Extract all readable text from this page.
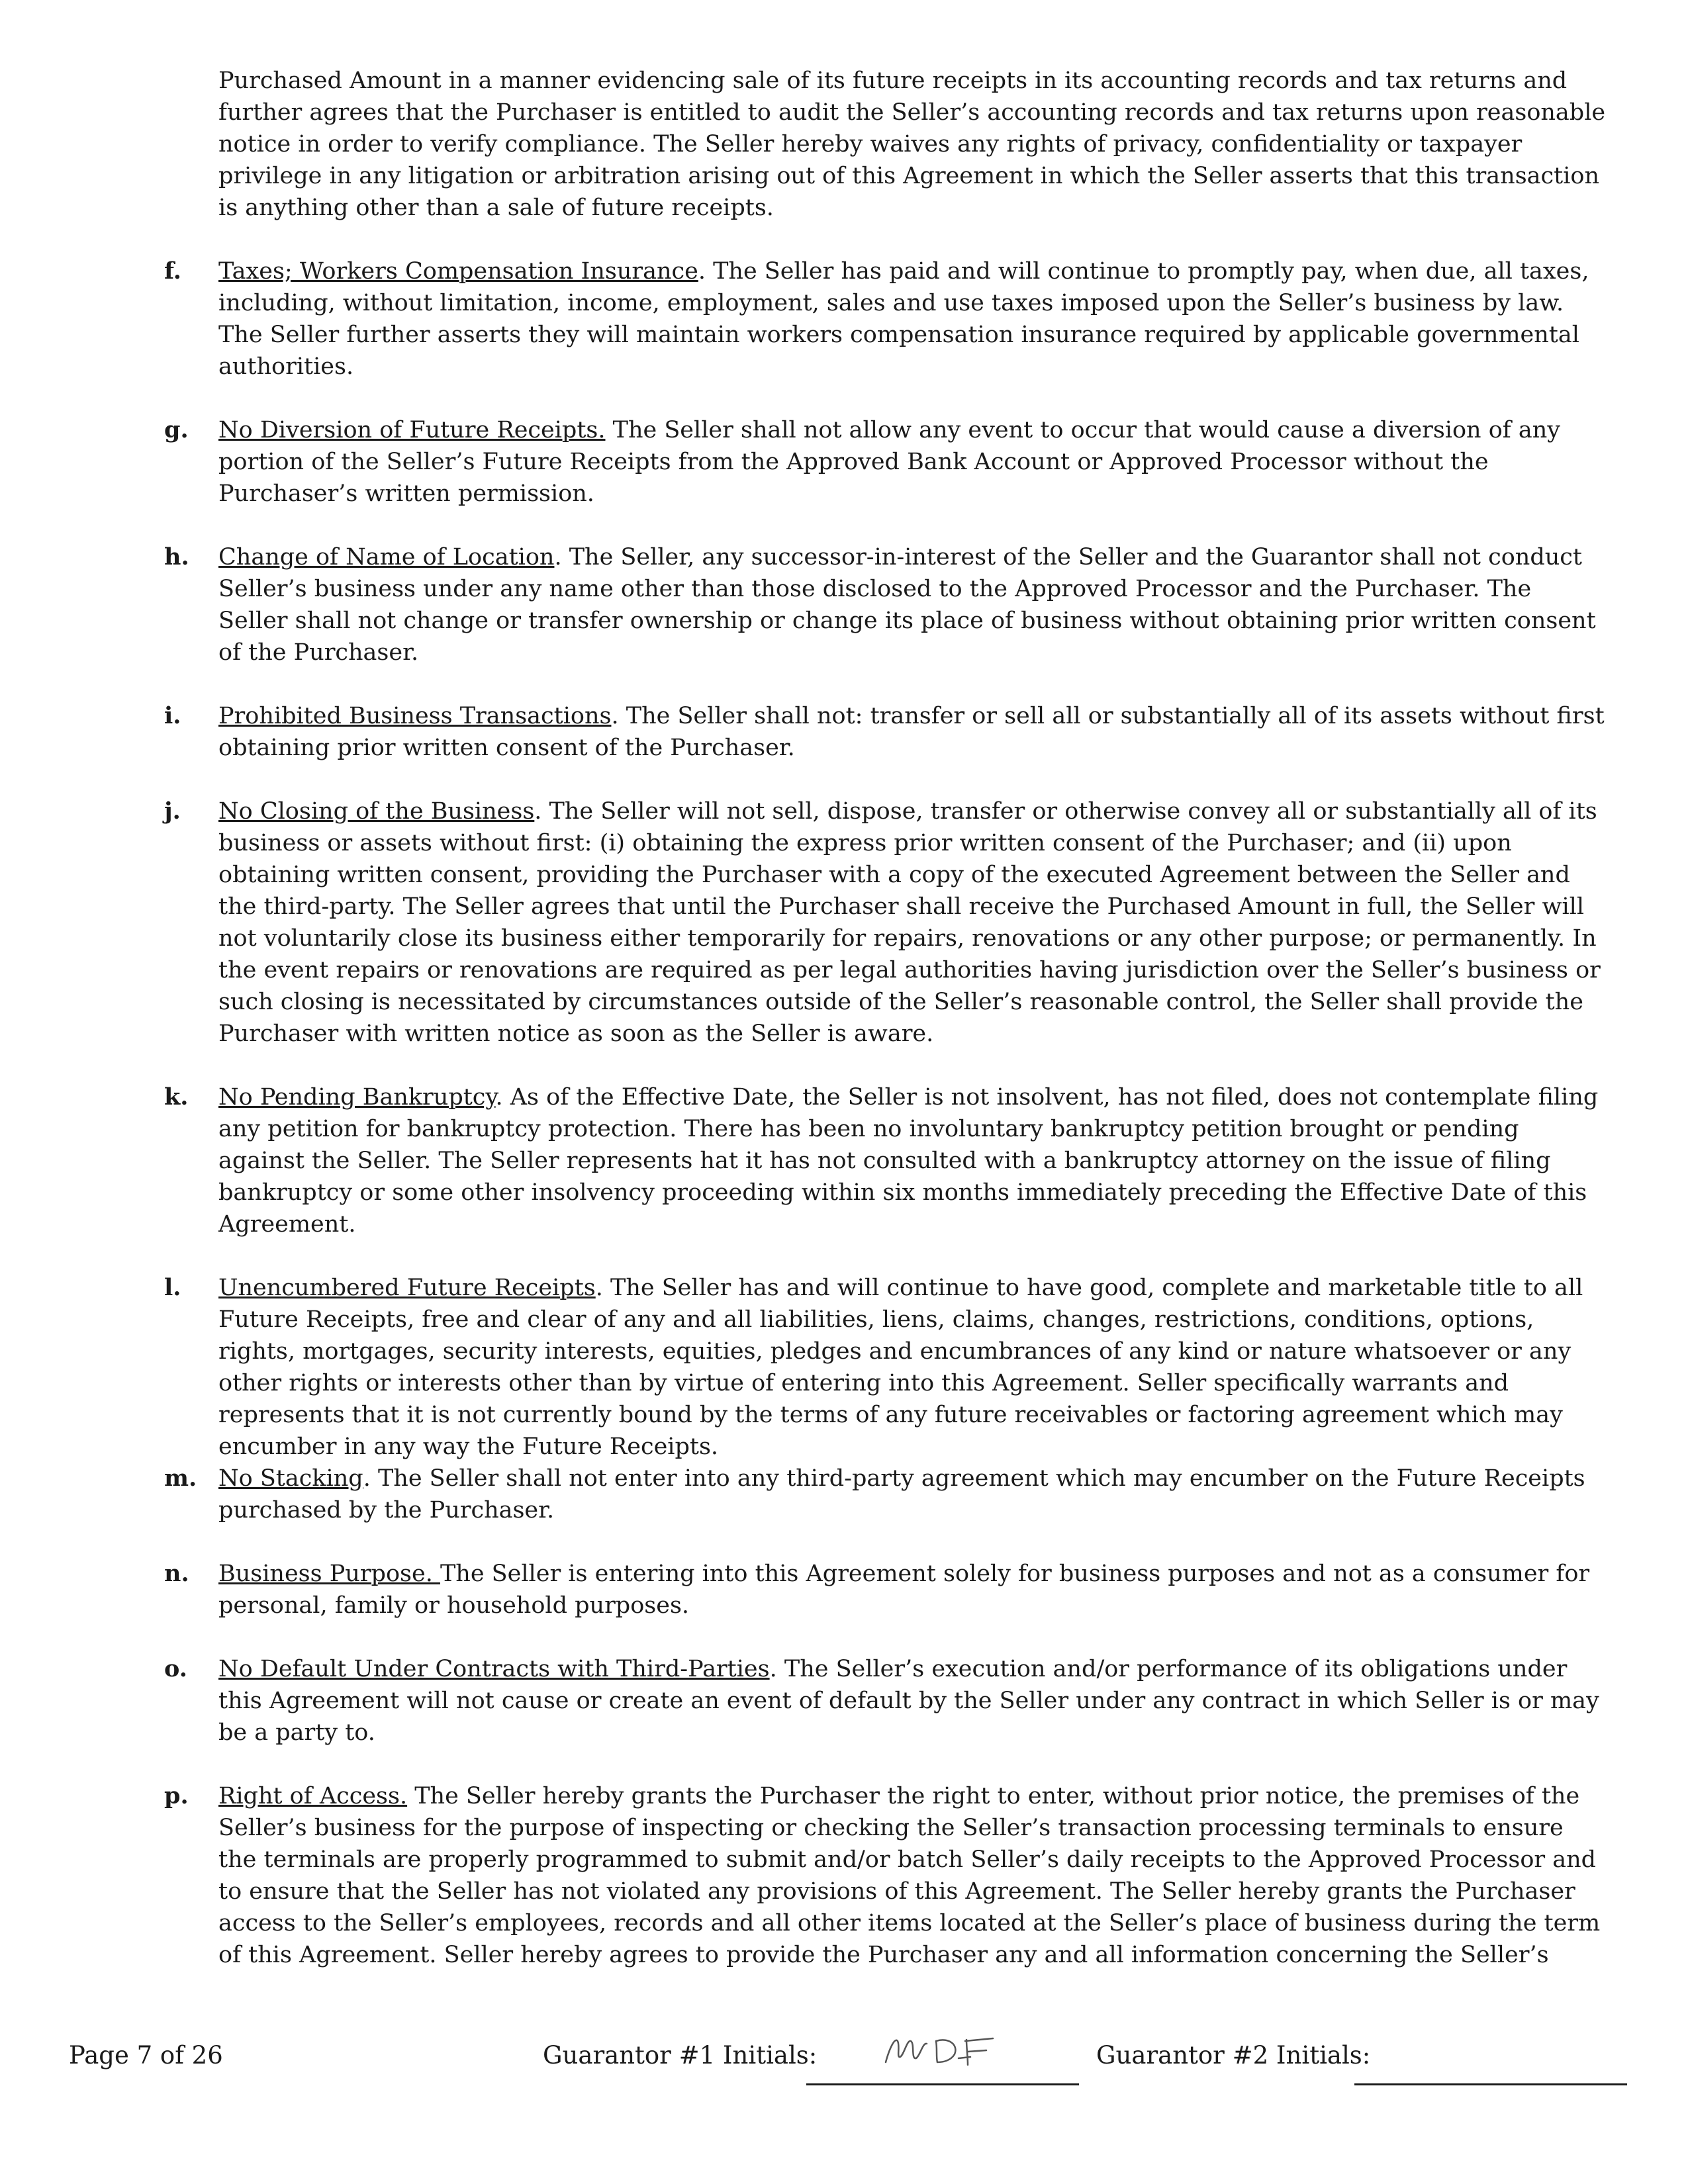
Purchased Amount in a manner evidencing sale of its future receipts in its accounting records and tax returns and further agrees that the Purchaser is entitled to audit the Seller’s accounting records and tax returns upon reasonable notice in order to verify compliance. The Seller hereby waives any rights of privacy, confidentiality or taxpayer privilege in any litigation or arbitration arising out of this Agreement in which the Seller asserts that this transaction is anything other than a sale of future receipts.
f.	Taxes; Workers Compensation Insurance. The Seller has paid and will continue to promptly pay, when due, all taxes, including, without limitation, income, employment, sales and use taxes imposed upon the Seller’s business by law. The Seller further asserts they will maintain workers compensation insurance required by applicable governmental authorities.
g.	No Diversion of Future Receipts. The Seller shall not allow any event to occur that would cause a diversion of any portion of the Seller’s Future Receipts from the Approved Bank Account or Approved Processor without the Purchaser’s written permission.
h.	Change of Name of Location. The Seller, any successor-in-interest of the Seller and the Guarantor shall not conduct Seller’s business under any name other than those disclosed to the Approved Processor and the Purchaser. The Seller shall not change or transfer ownership or change its place of business without obtaining prior written consent of the Purchaser.
i.	Prohibited Business Transactions. The Seller shall not: transfer or sell all or substantially all of its assets without first obtaining prior written consent of the Purchaser.
j.	No Closing of the Business. The Seller will not sell, dispose, transfer or otherwise convey all or substantially all of its business or assets without first: (i) obtaining the express prior written consent of the Purchaser; and (ii) upon obtaining written consent, providing the Purchaser with a copy of the executed Agreement between the Seller and the third-party. The Seller agrees that until the Purchaser shall receive the Purchased Amount in full, the Seller will not voluntarily close its business either temporarily for repairs, renovations or any other purpose; or permanently. In the event repairs or renovations are required as per legal authorities having jurisdiction over the Seller’s business or such closing is necessitated by circumstances outside of the Seller’s reasonable control, the Seller shall provide the Purchaser with written notice as soon as the Seller is aware.
k.	No Pending Bankruptcy. As of the Effective Date, the Seller is not insolvent, has not filed, does not contemplate filing any petition for bankruptcy protection. There has been no involuntary bankruptcy petition brought or pending against the Seller. The Seller represents hat it has not consulted with a bankruptcy attorney on the issue of filing bankruptcy or some other insolvency proceeding within six months immediately preceding the Effective Date of this Agreement.
l.	Unencumbered Future Receipts. The Seller has and will continue to have good, complete and marketable title to all Future Receipts, free and clear of any and all liabilities, liens, claims, changes, restrictions, conditions, options, rights, mortgages, security interests, equities, pledges and encumbrances of any kind or nature whatsoever or any other rights or interests other than by virtue of entering into this Agreement. Seller specifically warrants and represents that it is not currently bound by the terms of any future receivables or factoring agreement which may encumber in any way the Future Receipts.
m. No Stacking. The Seller shall not enter into any third-party agreement which may encumber on the Future Receipts purchased by the Purchaser.
n.	Business Purpose. The Seller is entering into this Agreement solely for business purposes and not as a consumer for personal, family or household purposes.
o.	No Default Under Contracts with Third-Parties. The Seller’s execution and/or performance of its obligations under this Agreement will not cause or create an event of default by the Seller under any contract in which Seller is or may be a party to.
p.	Right of Access. The Seller hereby grants the Purchaser the right to enter, without prior notice, the premises of the Seller’s business for the purpose of inspecting or checking the Seller’s transaction processing terminals to ensure the terminals are properly programmed to submit and/or batch Seller’s daily receipts to the Approved Processor and to ensure that the Seller has not violated any provisions of this Agreement. The Seller hereby grants the Purchaser access to the Seller’s employees, records and all other items located at the Seller’s place of business during the term of this Agreement. Seller hereby agrees to provide the Purchaser any and all information concerning the Seller’s
Page 7 of 26	Guarantor #1 Initials:	Guarantor #2 Initials:
